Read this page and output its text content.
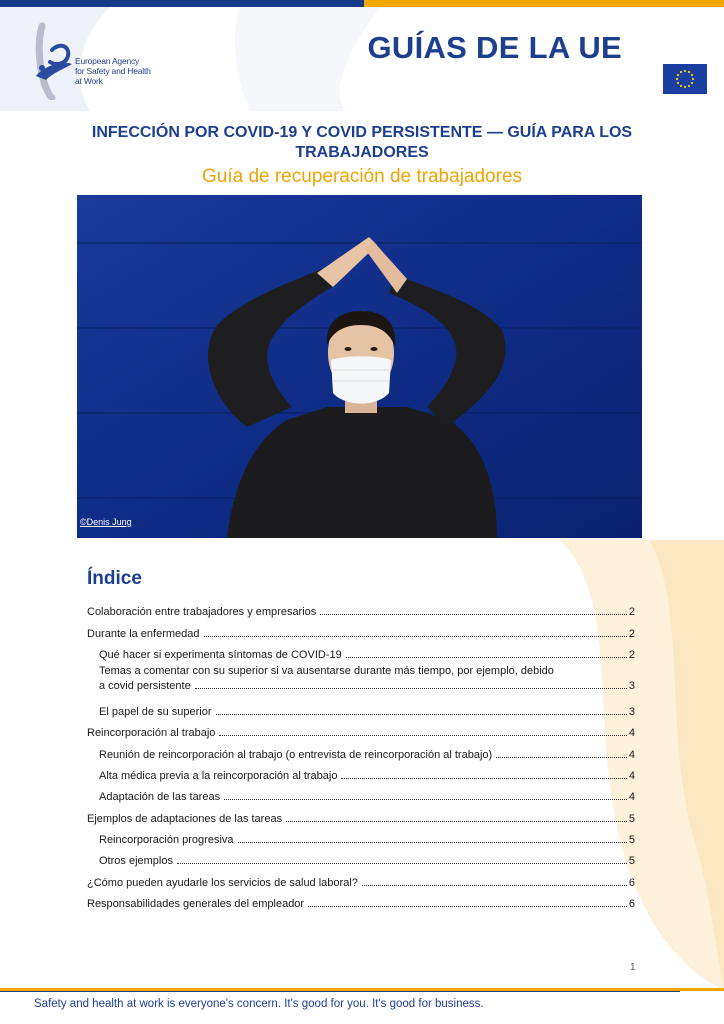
European Agency
for Safety and Health
at Work
GUÍAS DE LA UE
INFECCIÓN POR COVID-19 Y COVID PERSISTENTE — GUÍA PARA LOS TRABAJADORES
Guía de recuperación de trabajadores
©Denis Jung
Índice
Colaboración entre trabajadores y empresarios	2
Durante la enfermedad	2
Qué hacer si experimenta síntomas de COVID-19	2
Temas a comentar con su superior si va ausentarse durante más tiempo, por ejemplo, debido
a covid persistente	3
El papel de su superior	3
Reincorporación al trabajo	4
Reunión de reincorporación al trabajo (o entrevista de reincorporación al trabajo)	4
Alta médica previa a la reincorporación al trabajo	4
Adaptación de las tareas	4
Ejemplos de adaptaciones de las tareas	5
Reincorporación progresiva	5
Otros ejemplos	5
¿Cómo pueden ayudarle los servicios de salud laboral?	6
Responsabilidades generales del empleador	6
1
Safety and health at work is everyone's concern. It's good for you. It's good for business.
